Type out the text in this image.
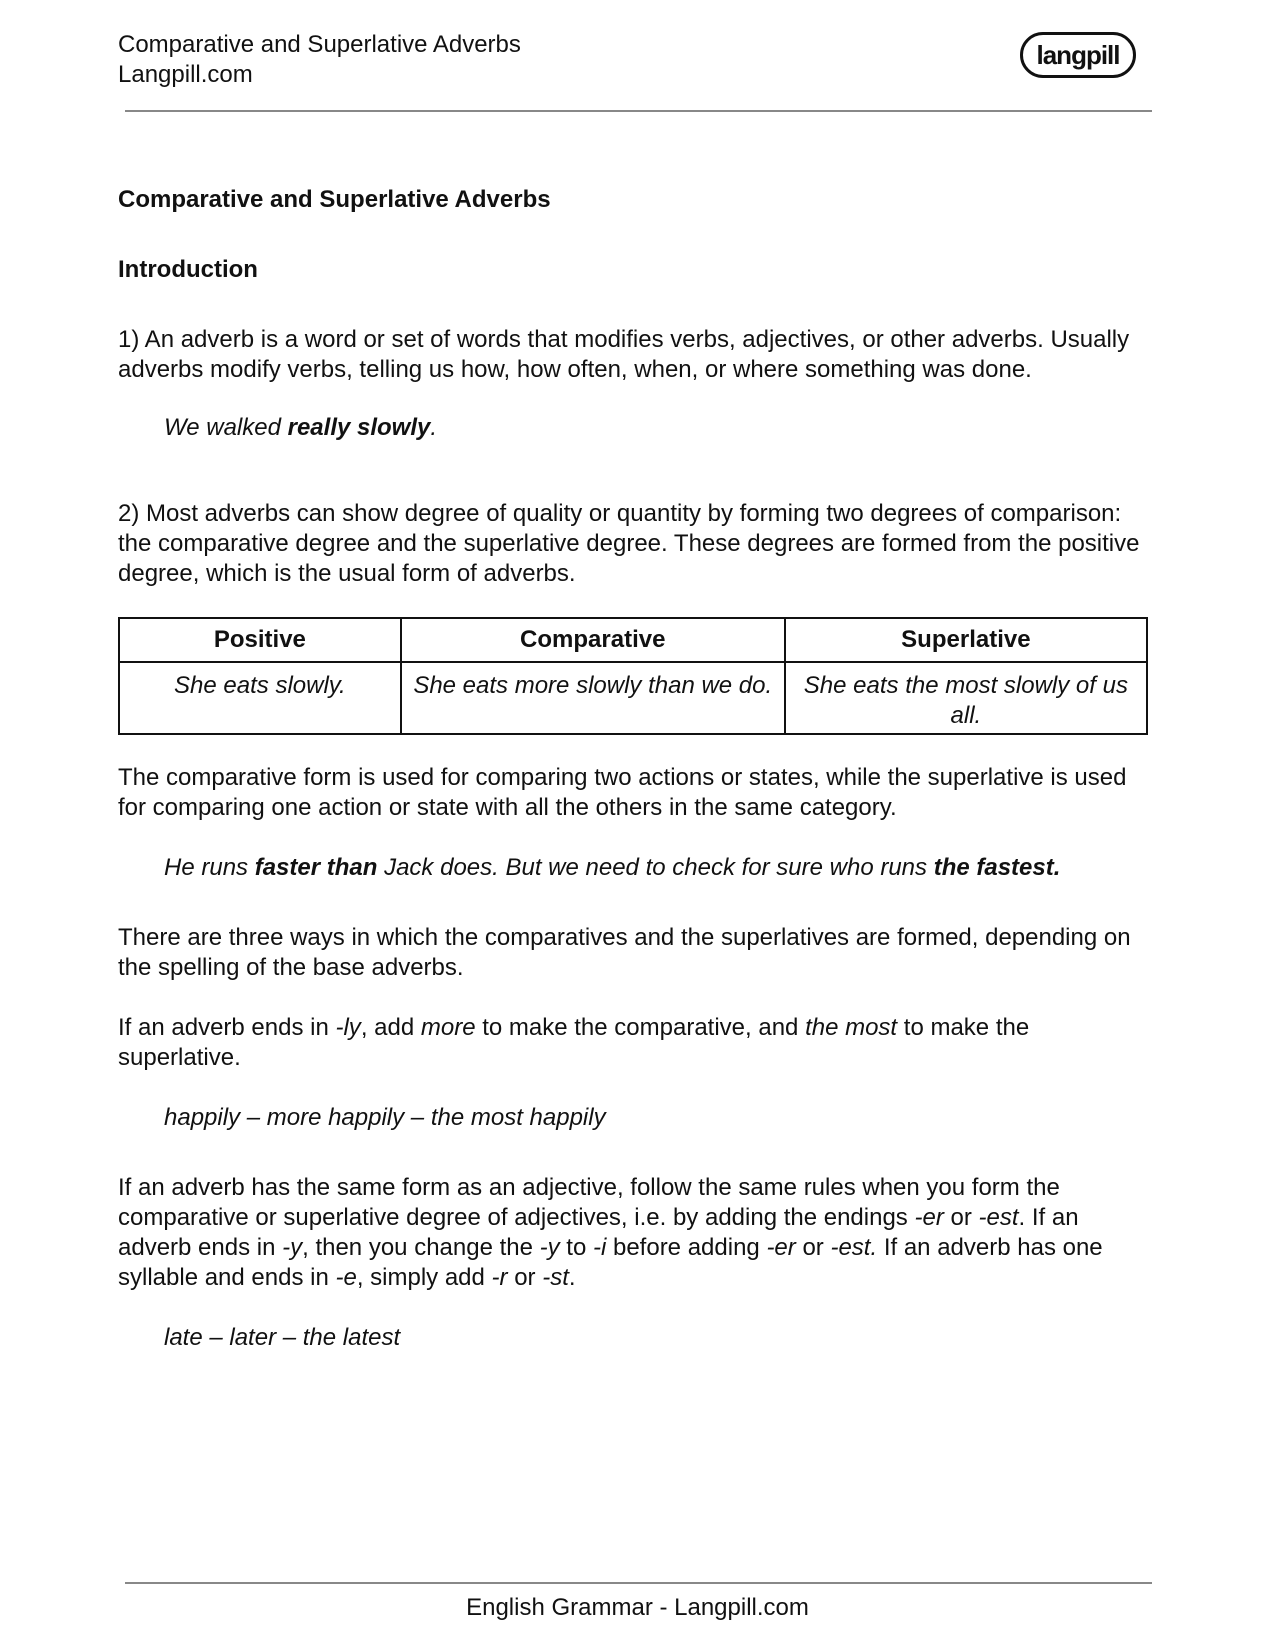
Comparative and Superlative Adverbs
Langpill.com
langpill

Comparative and Superlative Adverbs

Introduction

1) An adverb is a word or set of words that modifies verbs, adjectives, or other adverbs. Usually adverbs modify verbs, telling us how, how often, when, or where something was done.

We walked really slowly.

2) Most adverbs can show degree of quality or quantity by forming two degrees of comparison: the comparative degree and the superlative degree. These degrees are formed from the positive degree, which is the usual form of adverbs.

Positive	Comparative	Superlative
She eats slowly.	She eats more slowly than we do.	She eats the most slowly of us all.

The comparative form is used for comparing two actions or states, while the superlative is used for comparing one action or state with all the others in the same category.

He runs faster than Jack does. But we need to check for sure who runs the fastest.

There are three ways in which the comparatives and the superlatives are formed, depending on the spelling of the base adverbs.

If an adverb ends in -ly, add more to make the comparative, and the most to make the superlative.

happily – more happily – the most happily

If an adverb has the same form as an adjective, follow the same rules when you form the comparative or superlative degree of adjectives, i.e. by adding the endings -er or -est. If an adverb ends in -y, then you change the -y to -i before adding -er or -est. If an adverb has one syllable and ends in -e, simply add -r or -st.

late – later – the latest

English Grammar - Langpill.com
